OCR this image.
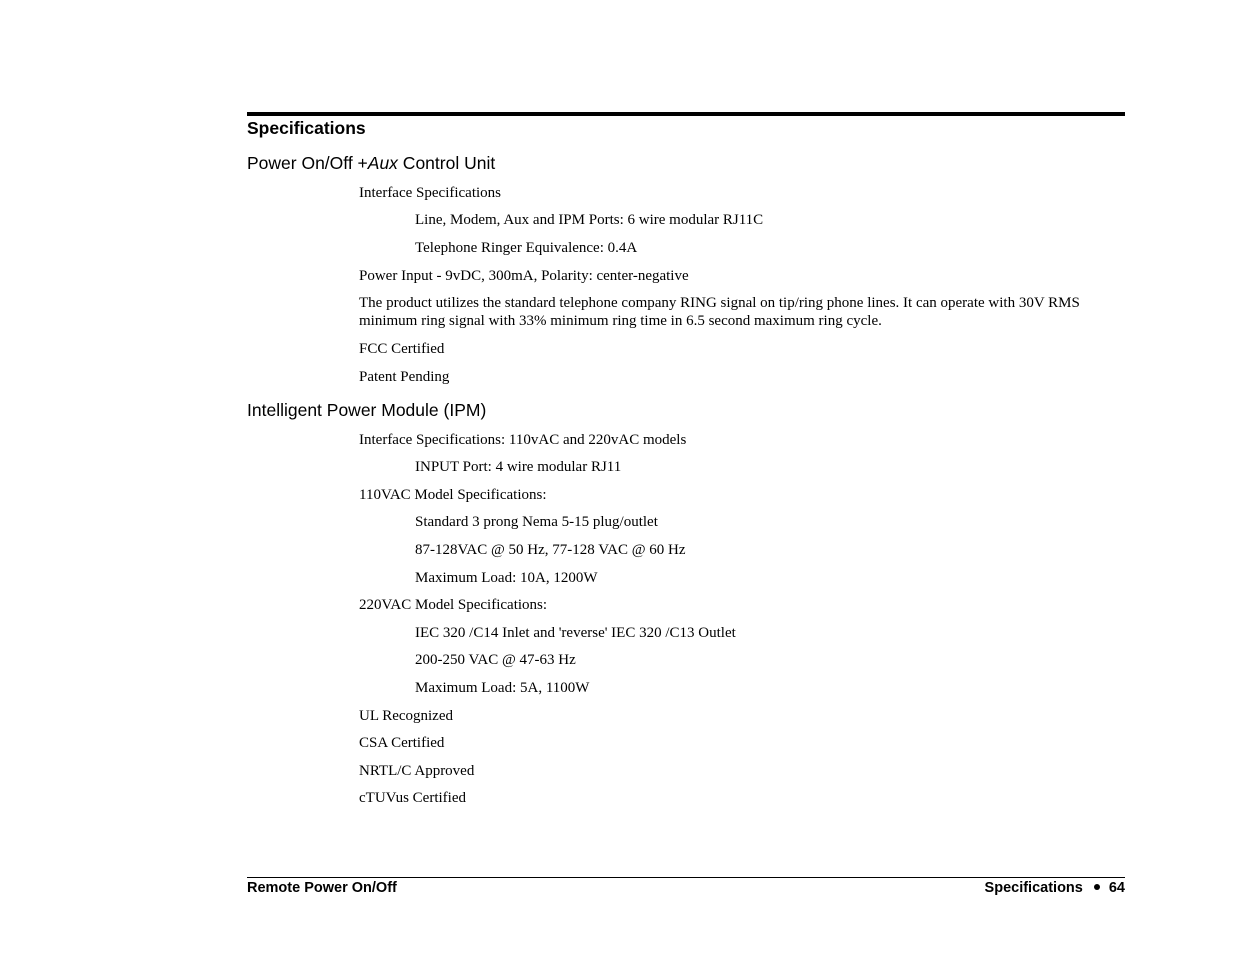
Specifications
Power On/Off +Aux Control Unit
Interface Specifications
Line, Modem, Aux and IPM Ports: 6 wire modular RJ11C
Telephone Ringer Equivalence: 0.4A
Power Input - 9vDC, 300mA, Polarity: center-negative
The product utilizes the standard telephone company RING signal on tip/ring phone lines. It can operate with 30V RMS minimum ring signal with 33% minimum ring time in 6.5 second maximum ring cycle.
FCC Certified
Patent Pending
Intelligent Power Module (IPM)
Interface Specifications: 110vAC and 220vAC models
INPUT Port: 4 wire modular RJ11
110VAC Model Specifications:
Standard 3 prong Nema 5-15 plug/outlet
87-128VAC @ 50 Hz, 77-128 VAC @ 60 Hz
Maximum Load: 10A, 1200W
220VAC Model Specifications:
IEC 320 /C14 Inlet and 'reverse' IEC 320 /C13 Outlet
200-250 VAC @ 47-63 Hz
Maximum Load: 5A, 1100W
UL Recognized
CSA Certified
NRTL/C Approved
cTUVus Certified
Remote Power On/Off	Specifications 64
